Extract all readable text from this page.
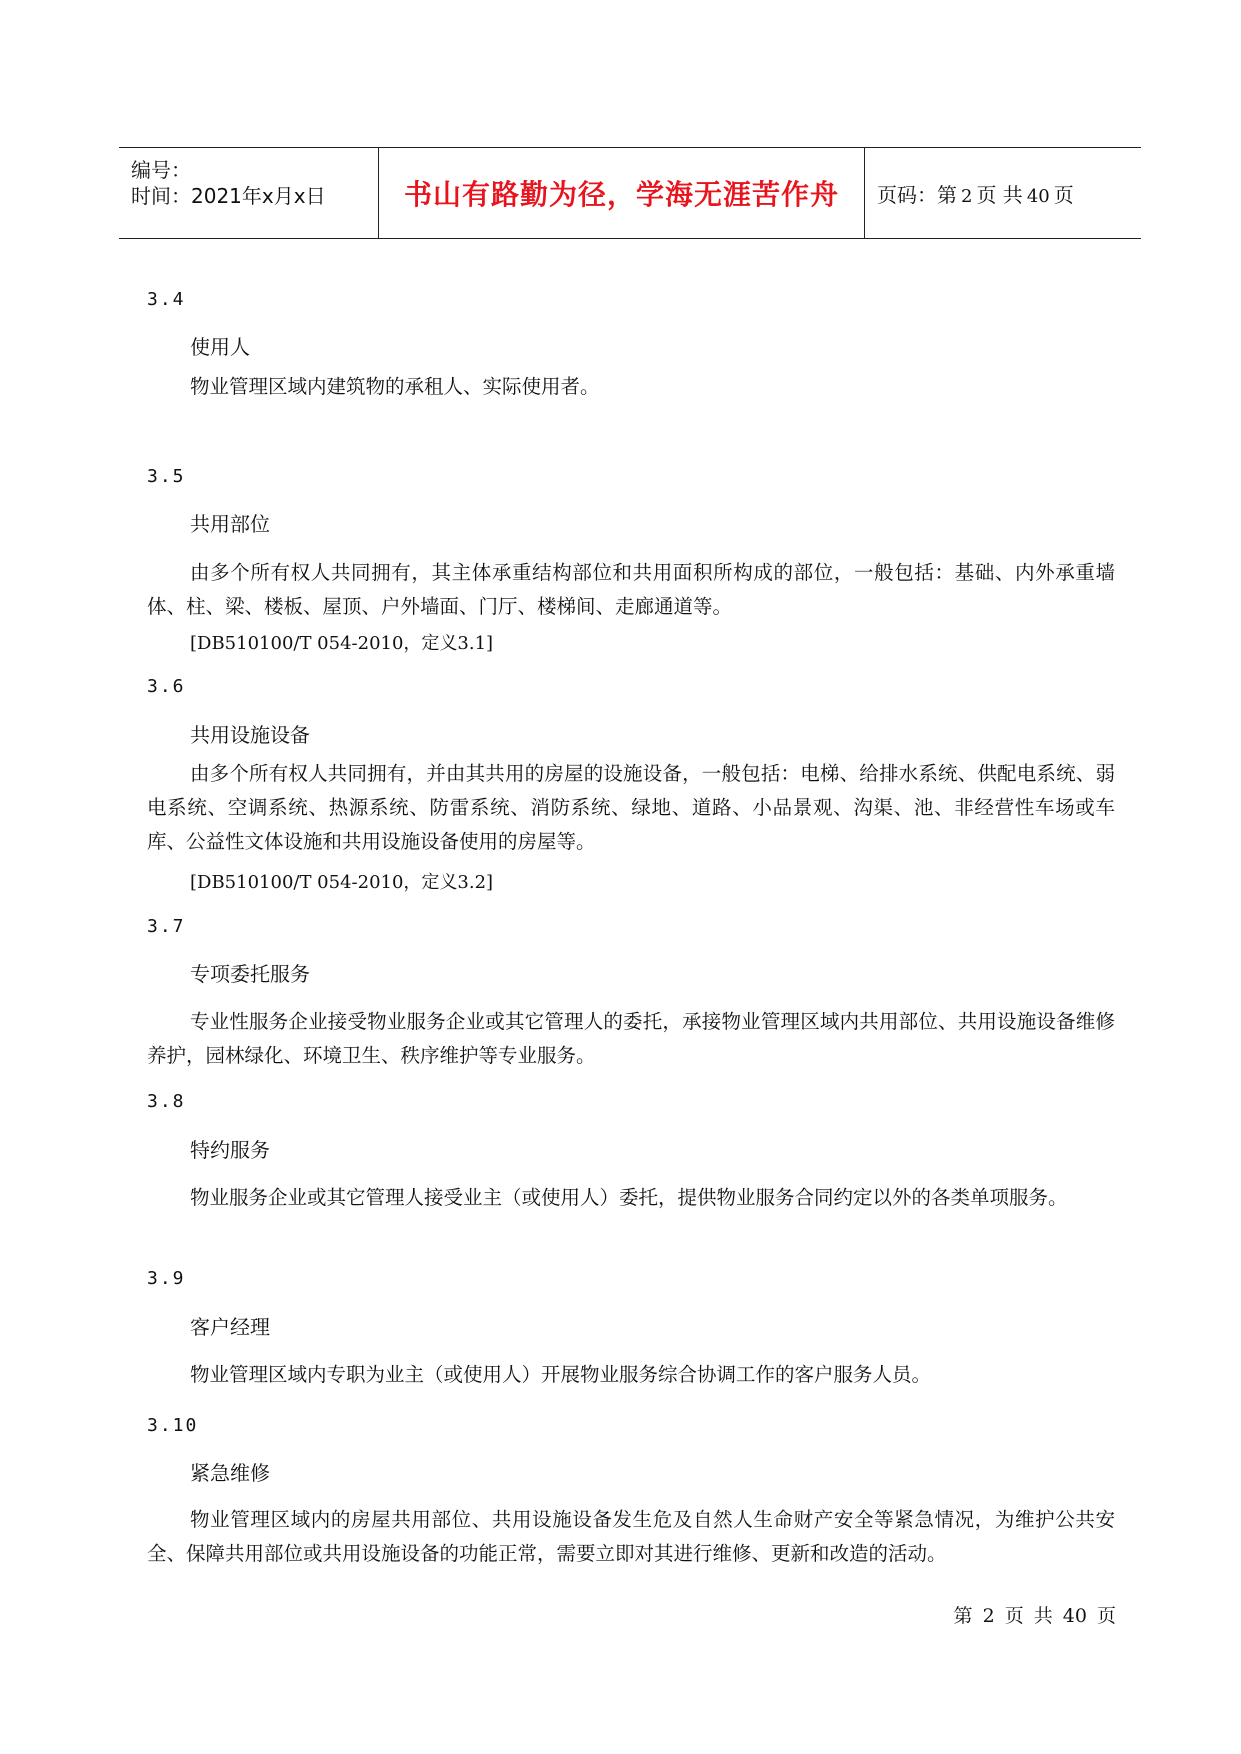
编号：
时间：2021年x月x日	书山有路勤为径，学海无涯苦作舟 页码：第 2 页 共 40 页
3.4
使用人
物业管理区域内建筑物的承租人、实际使用者。
3.5
共用部位
由多个所有权人共同拥有，其主体承重结构部位和共用面积所构成的部位，一般包括：基础、内外承重墙体、柱、梁、楼板、屋顶、户外墙面、门厅、楼梯间、走廊通道等。
[DB510100/T 054-2010，定义3.1]
3.6
共用设施设备
由多个所有权人共同拥有，并由其共用的房屋的设施设备，一般包括：电梯、给排水系统、供配电系统、弱电系统、空调系统、热源系统、防雷系统、消防系统、绿地、道路、小品景观、沟渠、池、非经营性车场或车库、公益性文体设施和共用设施设备使用的房屋等。
[DB510100/T 054-2010，定义3.2]
3.7
专项委托服务
专业性服务企业接受物业服务企业或其它管理人的委托，承接物业管理区域内共用部位、共用设施设备维修养护，园林绿化、环境卫生、秩序维护等专业服务。
3.8
特约服务
物业服务企业或其它管理人接受业主（或使用人）委托，提供物业服务合同约定以外的各类单项服务。
3.9
客户经理
物业管理区域内专职为业主（或使用人）开展物业服务综合协调工作的客户服务人员。
3.10
紧急维修
物业管理区域内的房屋共用部位、共用设施设备发生危及自然人生命财产安全等紧急情况，为维护公共安全、保障共用部位或共用设施设备的功能正常，需要立即对其进行维修、更新和改造的活动。
第 2 页 共 40 页
